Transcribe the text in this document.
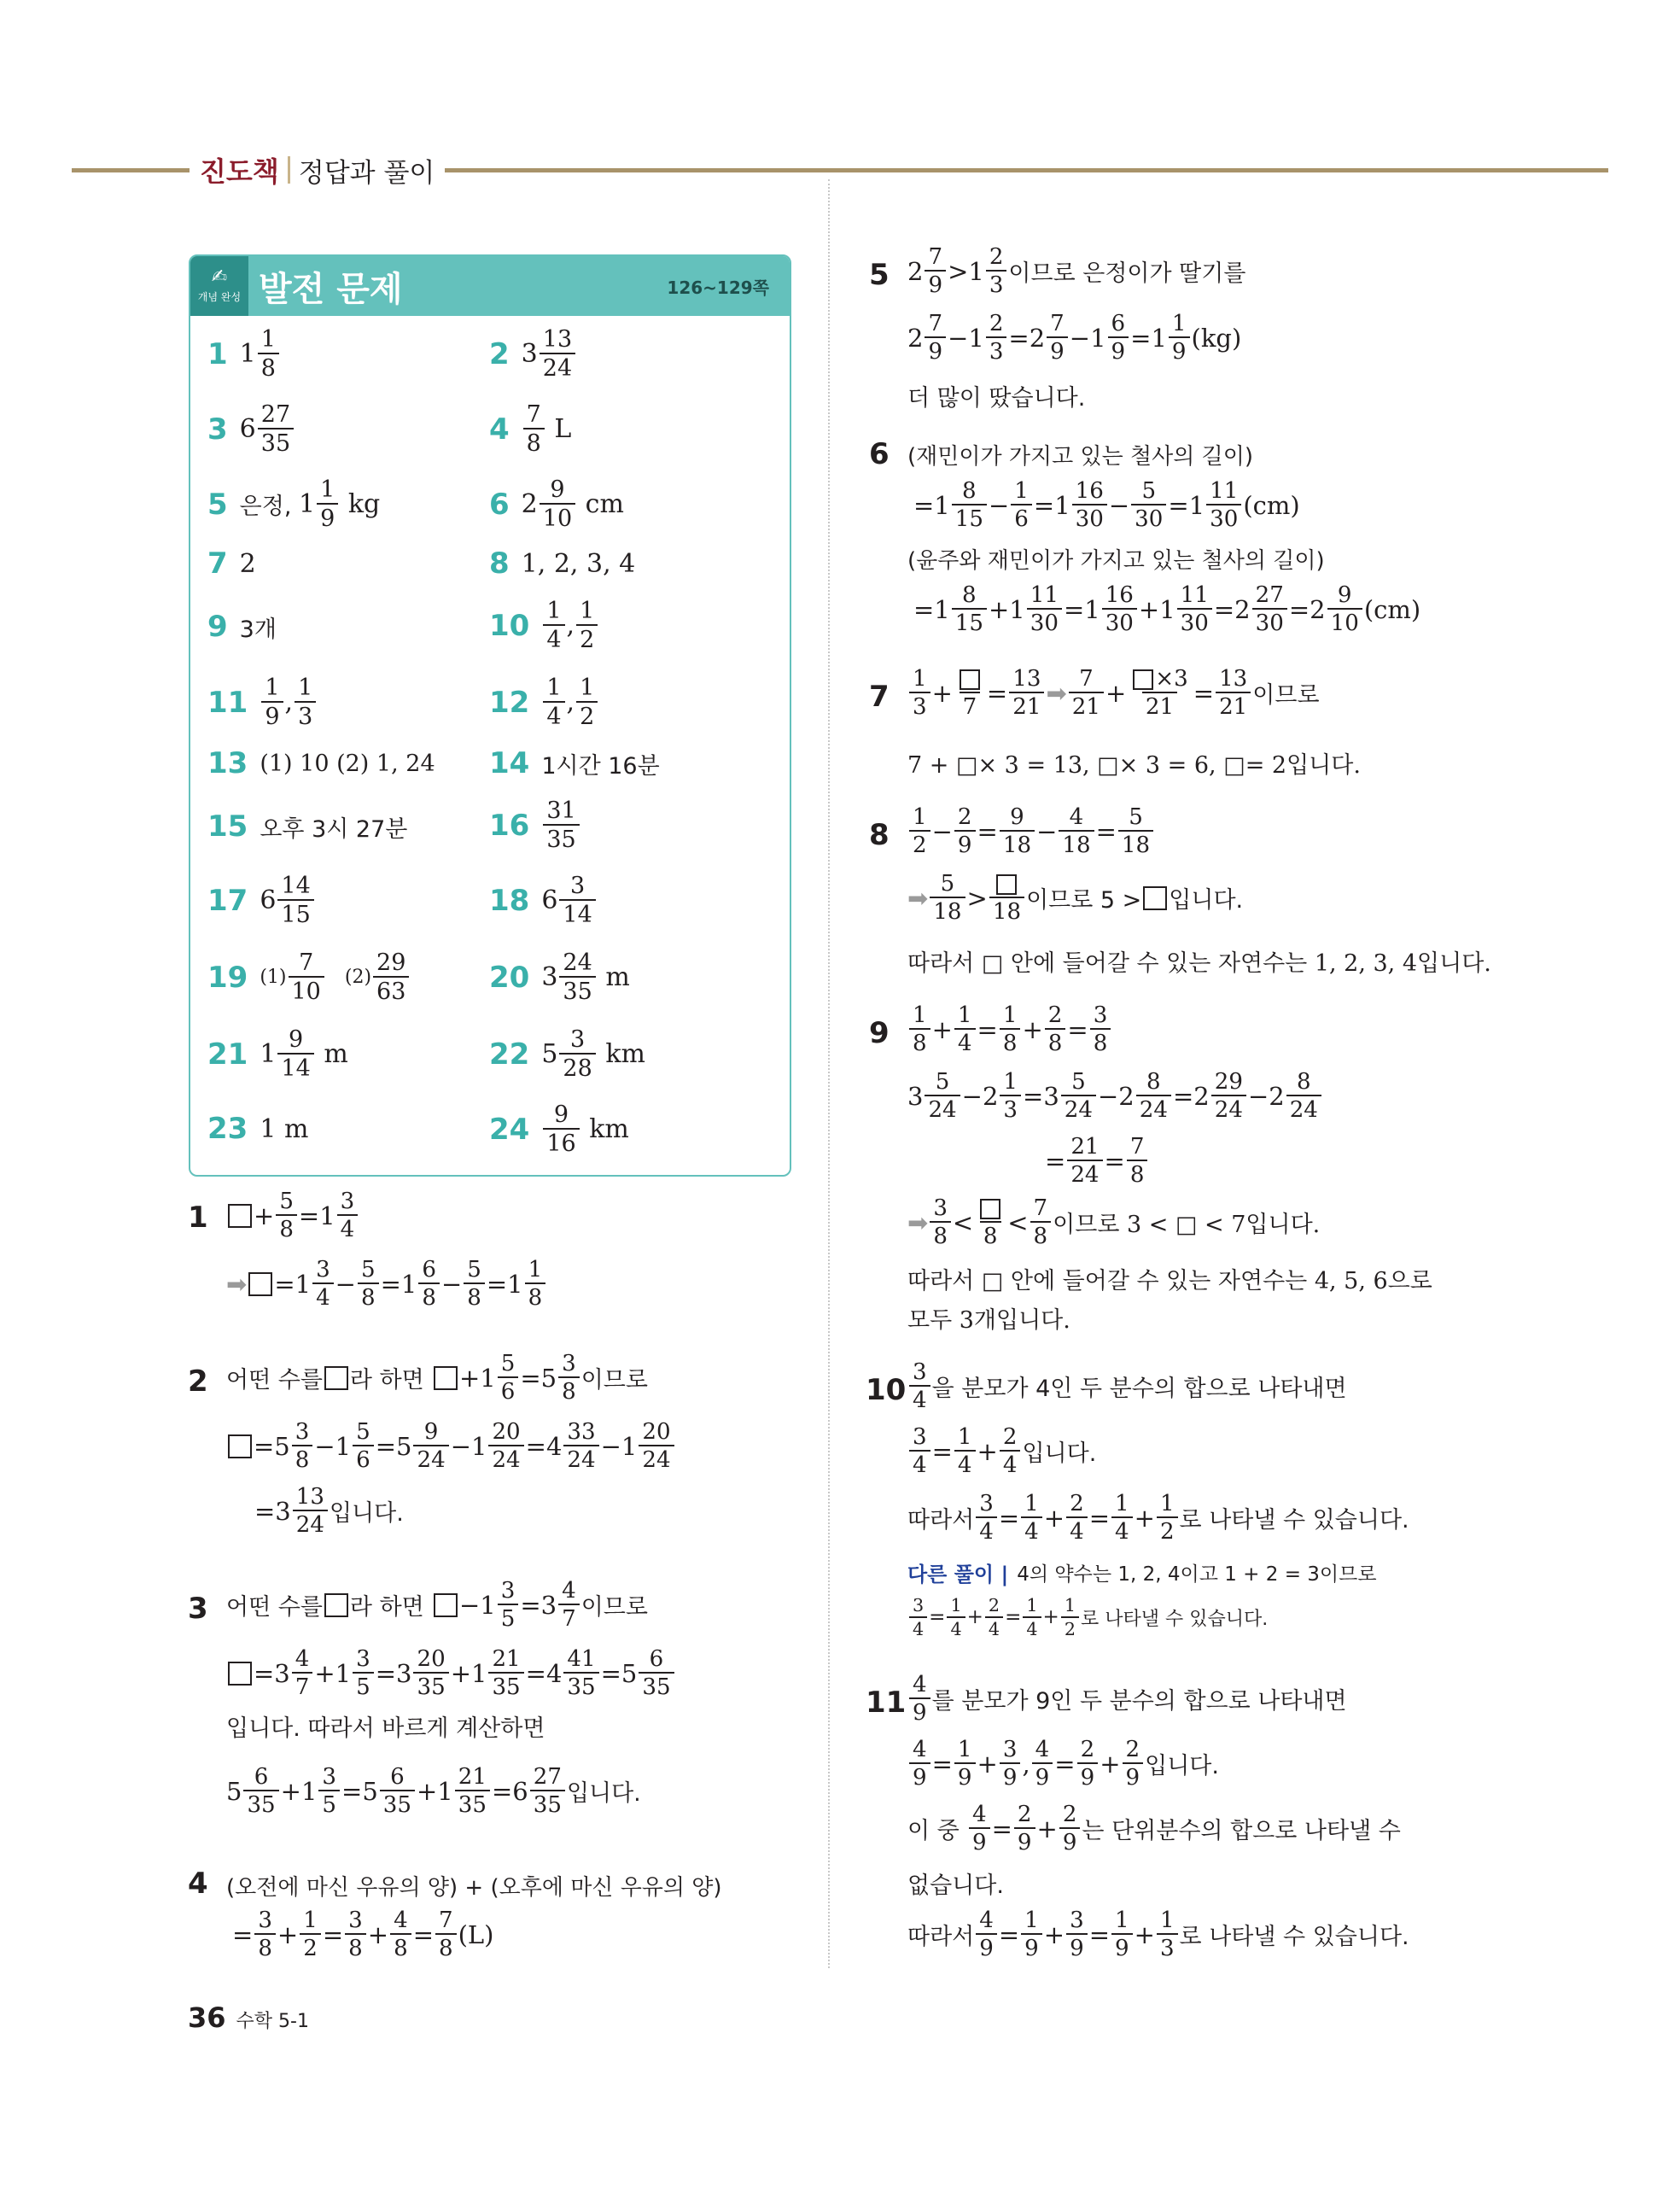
진도책 정답과 풀이
✍
개념 완성 발전 문제	126~129쪽
1 $1 \frac{1}{8}$	2 $3 \frac{13}{24}$
3 $6 \frac{27}{35}$	$4 \frac{7}{8}$ L
5 은정, $1 \frac{1}{9}$ kg	6 $2 \frac{9}{10}$ cm
7 2	8 1, 2, 3, 4
9 3개	$10 \frac{1}{4}$ , $\frac{1}{2}$
$11 \frac{1}{9}$ , $\frac{1}{3}$	$12 \frac{1}{4}$ , $\frac{1}{2}$
13 (1) 10 (2) 1, 24 14 1시간 16분
15 오후 3시 27분	$16 \frac{31}{35}$
17 $6 \frac{14}{15}$	18 $6 \frac{3}{14}$
19 $(1) \frac{7}{10} (2) \frac{29}{63}$	20 $3 \frac{24}{35}$ m
21 $1 \frac{9}{14}$ m	22 $5 \frac{3}{28}$ km
23 1 m	$24 \frac{9}{16}$ km
$1 + \frac{5}{8} =1 \frac{3}{4}$
➡ $=1 \frac{3}{4} - \frac{5}{8} =1 \frac{6}{8} - \frac{5}{8} =1 \frac{1}{8}$
2 어떤 수를 라 하면
$+1 \frac{5}{6} =5 \frac{3}{8}$ 이므로
$=5 \frac{3}{8} -1 \frac{5}{6} =5 \frac{9}{24} -1 \frac{20}{24} =4 \frac{33}{24} -1 \frac{20}{24}$
$=3 \frac{13}{24}$ 입니다.
3 어떤 수를 라 하면
$-1 \frac{3}{5} =3 \frac{4}{7}$ 이므로
$=3 \frac{4}{7} +1 \frac{3}{5} =3 \frac{20}{35} +1 \frac{21}{35} =4 \frac{41}{35} =5 \frac{6}{35}$
입니다. 따라서 바르게 계산하면
$5 \frac{6}{35} +1 \frac{3}{5} =5 \frac{6}{35} +1 \frac{21}{35} =6 \frac{27}{35}$ 입니다.
4 (오전에 마신 우유의 양) + (오후에 마신 우유의 양)
= $\frac{3}{8} + \frac{1}{2} = \frac{3}{8} + \frac{4}{8} = \frac{7}{8} (L)$
5 $2 \frac{7}{9} >1 \frac{2}{3}$ 이므로 은정이가 딸기를
$2 \frac{7}{9} -1 \frac{2}{3} =2 \frac{7}{9} -1 \frac{6}{9} =1 \frac{1}{9} (kg)$
더 많이 땄습니다.
6 (재민이가 가지고 있는 철사의 길이)
$=1 \frac{8}{15} - \frac{1}{6} =1 \frac{16}{30} - \frac{5}{30} =1 \frac{11}{30} (cm)$
(윤주와 재민이가 가지고 있는 철사의 길이)
$=1 \frac{8}{15} +1 \frac{11}{30} =1 \frac{16}{30} +1 \frac{11}{30} =2 \frac{27}{30} =2 \frac{9}{10} (cm)$
$7 \frac{1}{3} + 7 = \frac{13}{21}$ ➡ $\frac{7}{21} + \frac{\times 3}{21} = \frac{13}{21}$ 이므로
7 + □× 3 = 13, □× 3 = 6, □= 2입니다.
$8 \frac{1}{2} - \frac{2}{9} = \frac{9}{18} - \frac{4}{18} = \frac{5}{18}$
➡ $\frac{5}{18} > 18$ 이므로 5 > 입니다.
따라서 □ 안에 들어갈 수 있는 자연수는 1, 2, 3, 4입니다.
$9 \frac{1}{8} + \frac{1}{4} = \frac{1}{8} + \frac{2}{8} = \frac{3}{8}$
$3 \frac{5}{24} -2 \frac{1}{3} =3 \frac{5}{24} -2 \frac{8}{24} =2 \frac{29}{24} -2 \frac{8}{24}$
= $\frac{21}{24} = \frac{7}{8}$
➡ $\frac{3}{8} < 8 < \frac{7}{8}$ 이므로 3 < □ < 7입니다.
따라서 □ 안에 들어갈 수 있는 자연수는 4, 5, 6으로
모두 3개입니다.
$10 \frac{3}{4}$ 을 분모가 4인 두 분수의 합으로 나타내면
$\frac{3}{4} = \frac{1}{4} + \frac{2}{4}$ 입니다.
따라서 $\frac{3}{4} = \frac{1}{4} + \frac{2}{4} = \frac{1}{4} + \frac{1}{2}$ 로 나타낼 수 있습니다.
다른 풀이 | 4의 약수는 1, 2, 4이고 1 + 2 = 3이므로
$\frac{3}{4} = \frac{1}{4} + \frac{2}{4} = \frac{1}{4} + \frac{1}{2}$ 로 나타낼 수 있습니다.
$11 \frac{4}{9}$ 를 분모가 9인 두 분수의 합으로 나타내면
$\frac{4}{9} = \frac{1}{9} + \frac{3}{9}$ , $\frac{4}{9} = \frac{2}{9} + \frac{2}{9}$ 입니다.
이 중
$\frac{4}{9} = \frac{2}{9} + \frac{2}{9}$ 는 단위분수의 합으로 나타낼 수
없습니다.
따라서 $\frac{4}{9} = \frac{1}{9} + \frac{3}{9} = \frac{1}{9} + \frac{1}{3}$ 로 나타낼 수 있습니다.
36 수학 5-1
